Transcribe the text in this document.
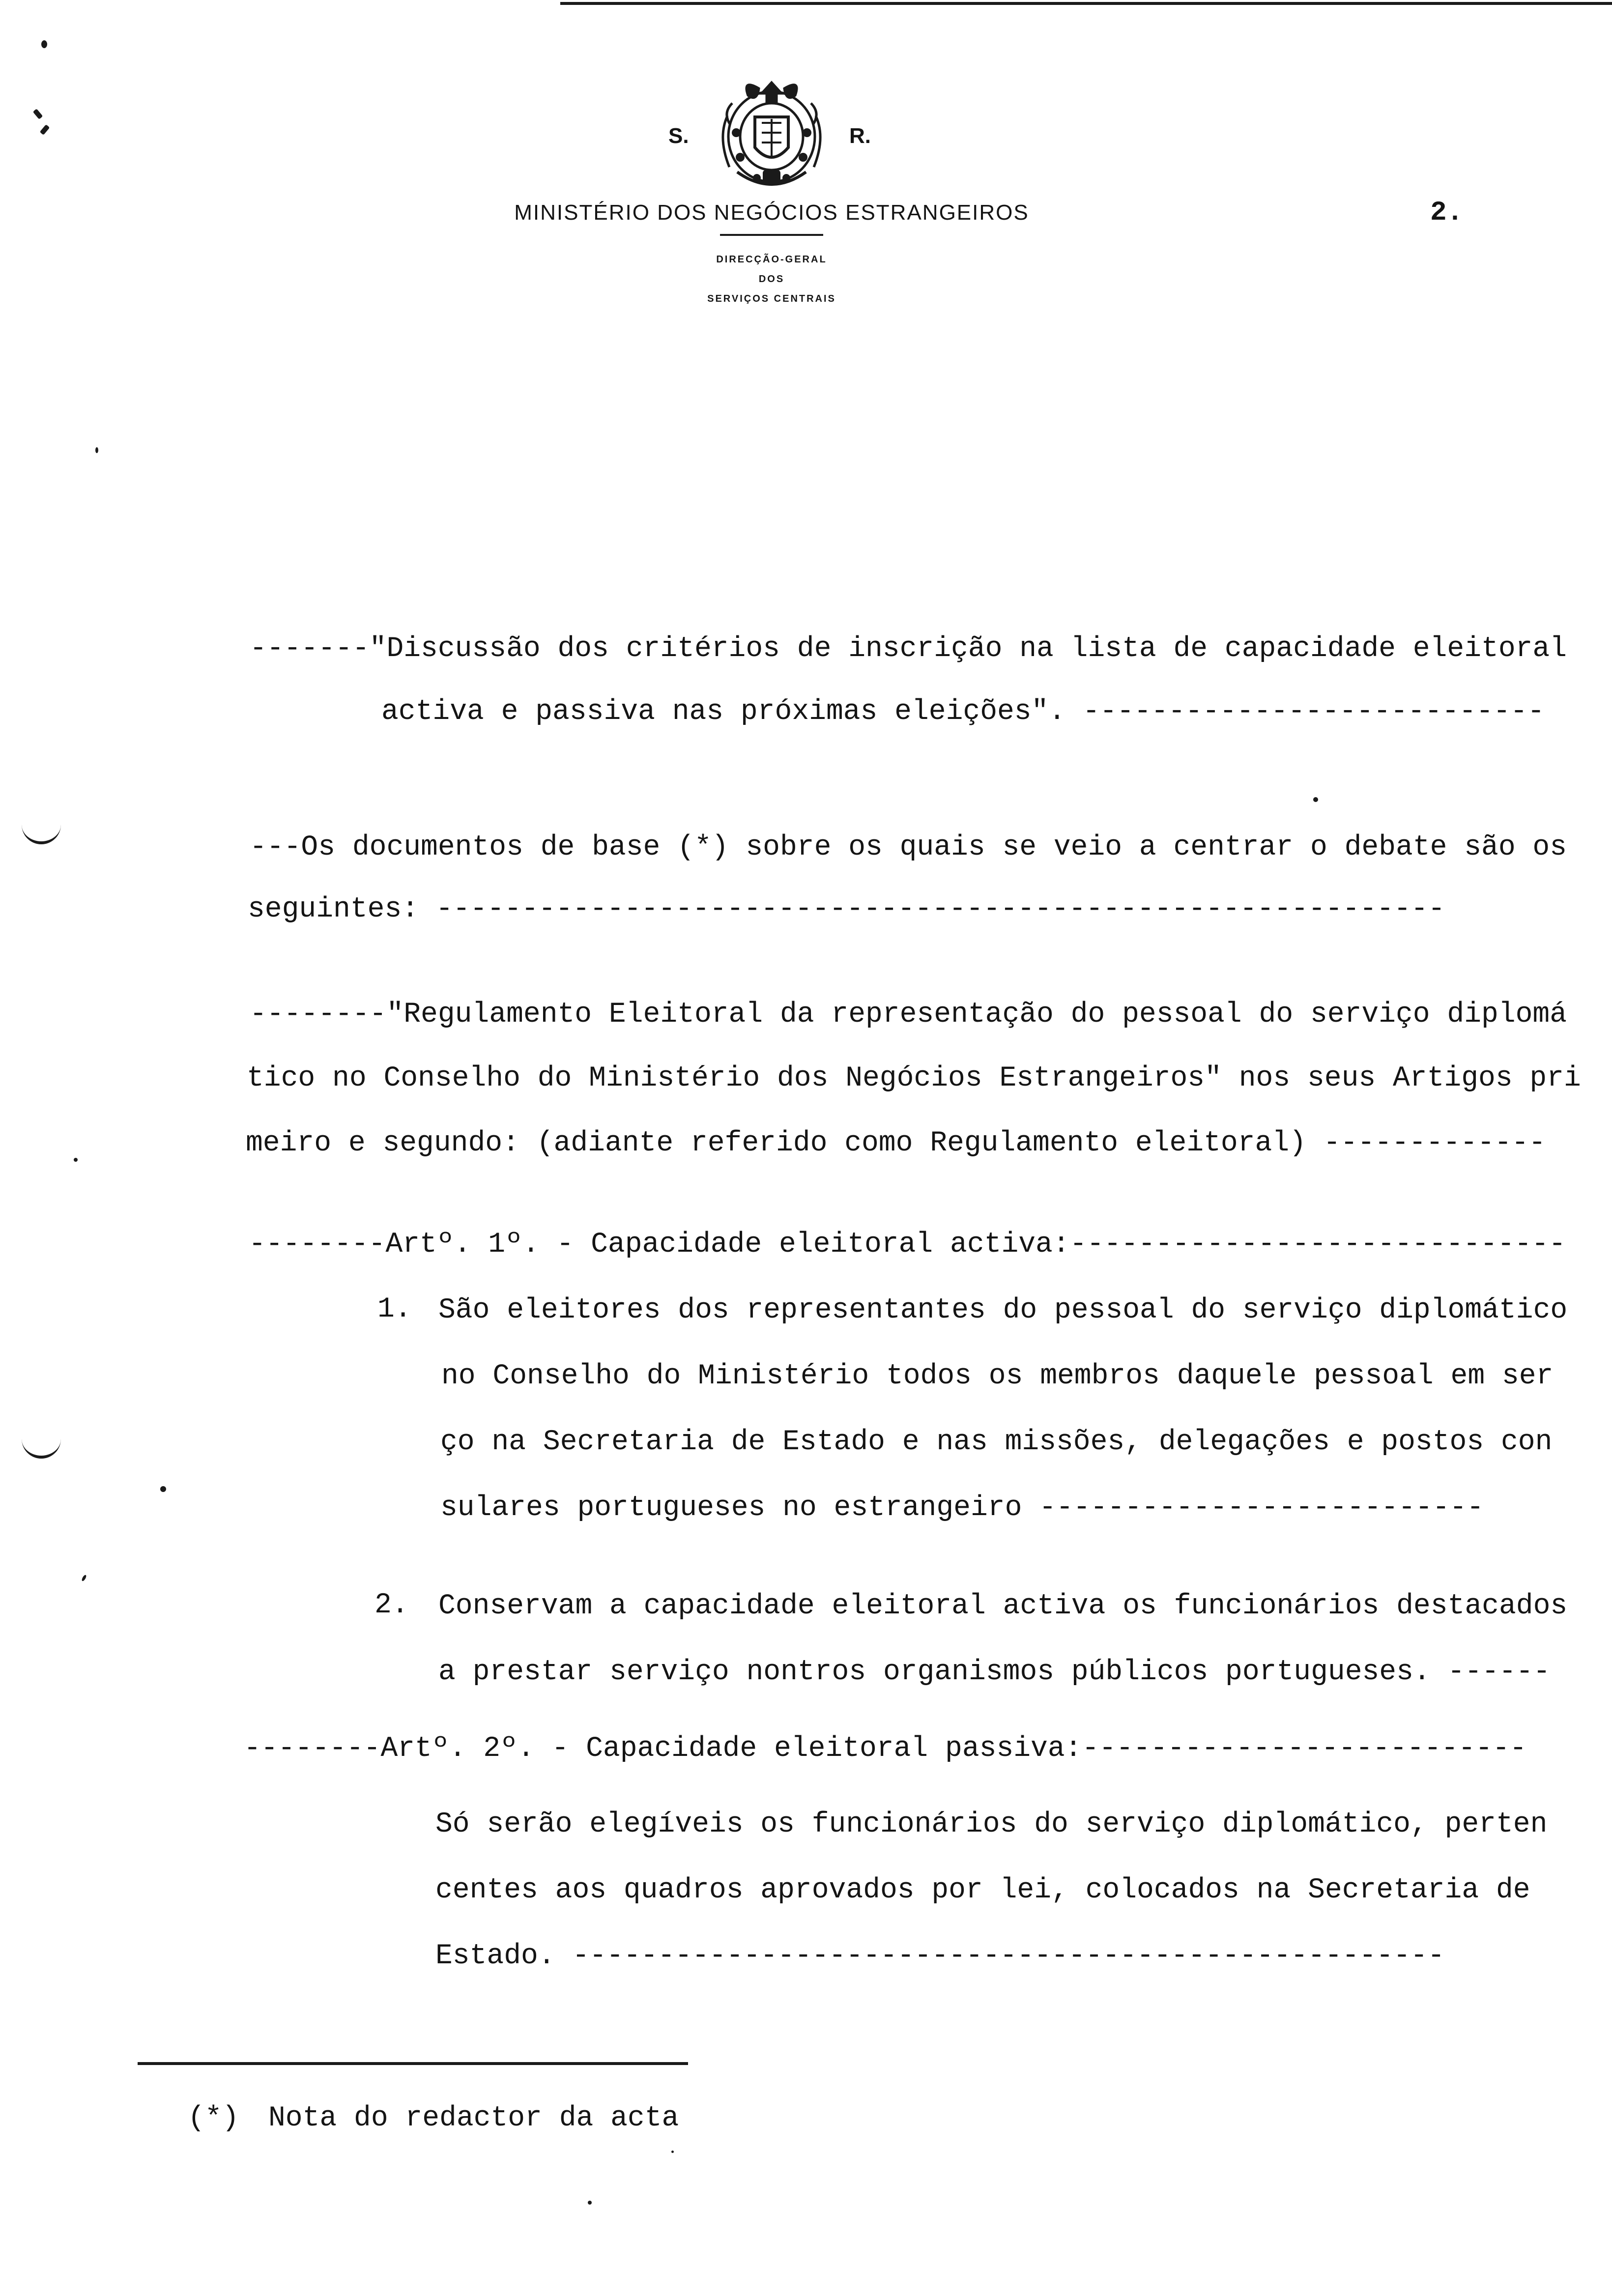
S.	R.
MINISTÉRIO DOS NEGÓCIOS ESTRANGEIROS
DIRECÇÃO-GERAL
DOS
SERVIÇOS CENTRAIS
2.
-------"Discussão dos critérios de inscrição na lista de capacidade eleitoral
activa e passiva nas próximas eleições". ---------------------------
---Os documentos de base (*) sobre os quais se veio a centrar o debate são os
seguintes: -----------------------------------------------------------
--------"Regulamento Eleitoral da representação do pessoal do serviço diplomá
tico no Conselho do Ministério dos Negócios Estrangeiros" nos seus Artigos pri
meiro e segundo: (adiante referido como Regulamento eleitoral) -------------
--------Artº. 1º. - Capacidade eleitoral activa:-----------------------------
1. São eleitores dos representantes do pessoal do serviço diplomático
no Conselho do Ministério todos os membros daquele pessoal em ser
ço na Secretaria de Estado e nas missões, delegações e postos con
sulares portugueses no estrangeiro --------------------------
2. Conservam a capacidade eleitoral activa os funcionários destacados
a prestar serviço nontros organismos públicos portugueses. ------
--------Artº. 2º. - Capacidade eleitoral passiva:--------------------------
Só serão elegíveis os funcionários do serviço diplomático, perten
centes aos quadros aprovados por lei, colocados na Secretaria de
Estado. ---------------------------------------------------
(*) Nota do redactor da acta
